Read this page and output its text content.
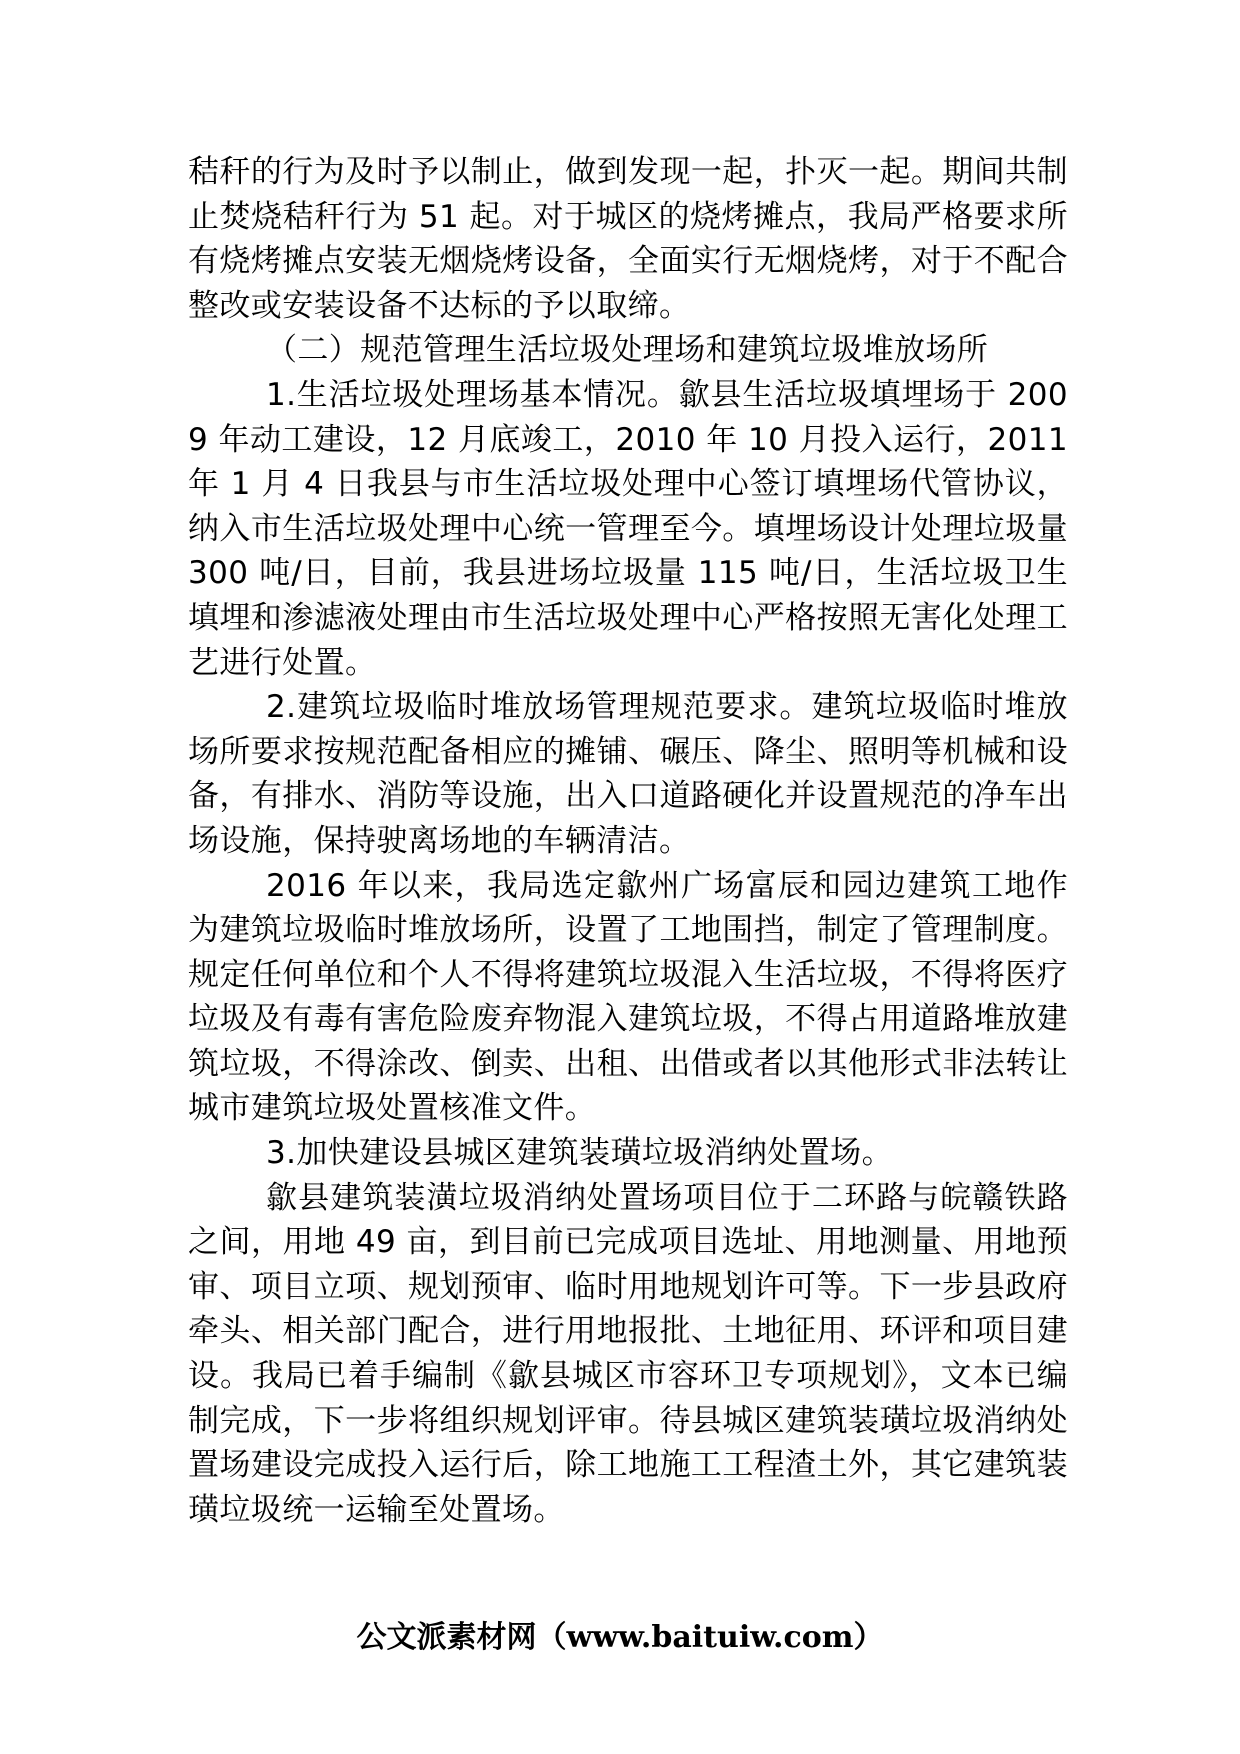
秸秆的行为及时予以制止，做到发现一起，扑灭一起。期间共制止焚烧秸秆行为 51 起。对于城区的烧烤摊点，我局严格要求所有烧烤摊点安装无烟烧烤设备，全面实行无烟烧烤，对于不配合整改或安装设备不达标的予以取缔。

（二）规范管理生活垃圾处理场和建筑垃圾堆放场所

1.生活垃圾处理场基本情况。歙县生活垃圾填埋场于 2009 年动工建设，12 月底竣工，2010 年 10 月投入运行，2011 年 1 月 4 日我县与市生活垃圾处理中心签订填埋场代管协议，纳入市生活垃圾处理中心统一管理至今。填埋场设计处理垃圾量 300 吨/日，目前，我县进场垃圾量 115 吨/日，生活垃圾卫生填埋和渗滤液处理由市生活垃圾处理中心严格按照无害化处理工艺进行处置。

2.建筑垃圾临时堆放场管理规范要求。建筑垃圾临时堆放场所要求按规范配备相应的摊铺、碾压、降尘、照明等机械和设备，有排水、消防等设施，出入口道路硬化并设置规范的净车出场设施，保持驶离场地的车辆清洁。

2016 年以来，我局选定歙州广场富辰和园边建筑工地作为建筑垃圾临时堆放场所，设置了工地围挡，制定了管理制度。规定任何单位和个人不得将建筑垃圾混入生活垃圾，不得将医疗垃圾及有毒有害危险废弃物混入建筑垃圾，不得占用道路堆放建筑垃圾，不得涂改、倒卖、出租、出借或者以其他形式非法转让城市建筑垃圾处置核准文件。

3.加快建设县城区建筑装璜垃圾消纳处置场。

歙县建筑装潢垃圾消纳处置场项目位于二环路与皖赣铁路之间，用地 49 亩，到目前已完成项目选址、用地测量、用地预审、项目立项、规划预审、临时用地规划许可等。下一步县政府牵头、相关部门配合，进行用地报批、土地征用、环评和项目建设。我局已着手编制《歙县城区市容环卫专项规划》，文本已编制完成，下一步将组织规划评审。待县城区建筑装璜垃圾消纳处置场建设完成投入运行后，除工地施工工程渣土外，其它建筑装璜垃圾统一运输至处置场。

公文派素材网（www.baituiw.com）
